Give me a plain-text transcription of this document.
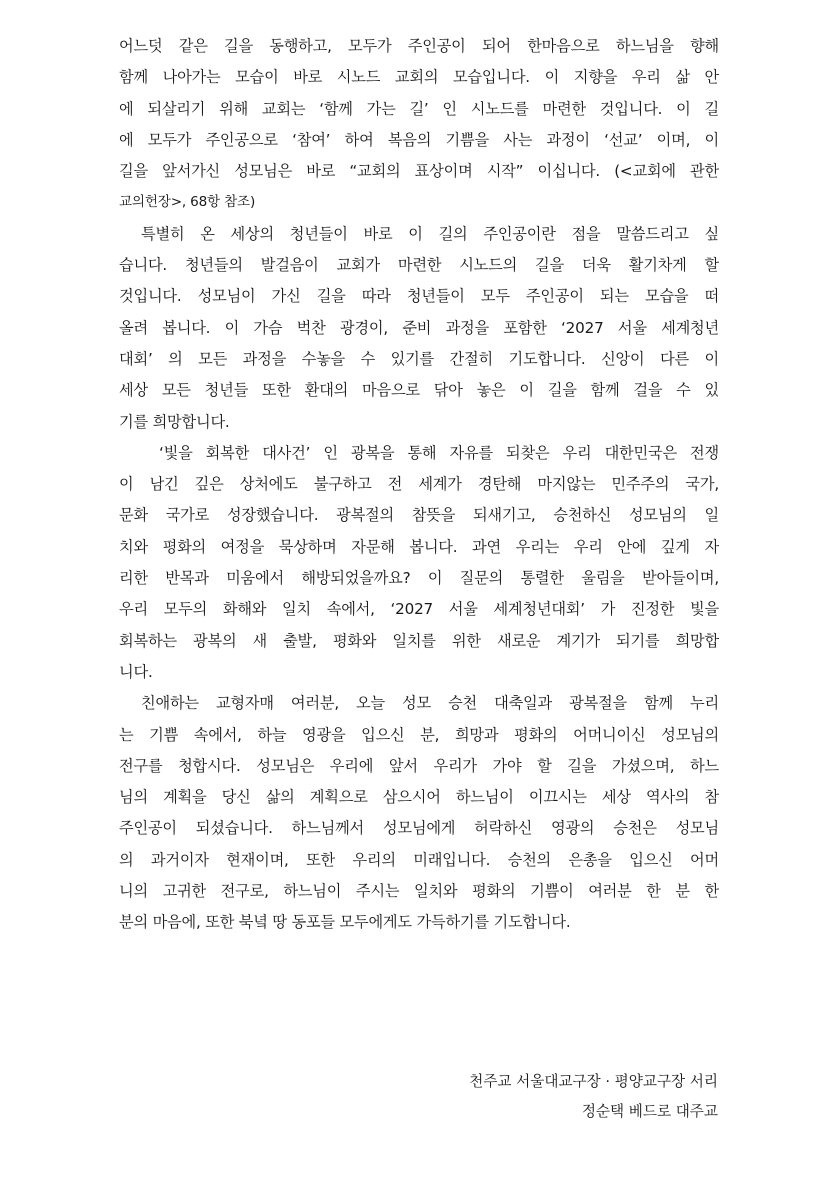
어느덧 같은 길을 동행하고, 모두가 주인공이 되어 한마음으로 하느님을 향해
함께 나아가는 모습이 바로 시노드 교회의 모습입니다. 이 지향을 우리 삶 안
에 되살리기 위해 교회는 ‘함께 가는 길’ 인 시노드를 마련한 것입니다. 이 길
에 모두가 주인공으로 ‘참여’ 하여 복음의 기쁨을 사는 과정이 ‘선교’ 이며, 이
길을 앞서가신 성모님은 바로 “교회의 표상이며 시작” 이십니다. (<교회에 관한
교의헌장>, 68항 참조)
특별히 온 세상의 청년들이 바로 이 길의 주인공이란 점을 말씀드리고 싶
습니다. 청년들의 발걸음이 교회가 마련한 시노드의 길을 더욱 활기차게 할
것입니다. 성모님이 가신 길을 따라 청년들이 모두 주인공이 되는 모습을 떠
올려 봅니다. 이 가슴 벅찬 광경이, 준비 과정을 포함한 ‘2027 서울 세계청년
대회’ 의 모든 과정을 수놓을 수 있기를 간절히 기도합니다. 신앙이 다른 이
세상 모든 청년들 또한 환대의 마음으로 닦아 놓은 이 길을 함께 걸을 수 있
기를 희망합니다.
‘빛을 회복한 대사건’ 인 광복을 통해 자유를 되찾은 우리 대한민국은 전쟁
이 남긴 깊은 상처에도 불구하고 전 세계가 경탄해 마지않는 민주주의 국가,
문화 국가로 성장했습니다. 광복절의 참뜻을 되새기고, 승천하신 성모님의 일
치와 평화의 여정을 묵상하며 자문해 봅니다. 과연 우리는 우리 안에 깊게 자
리한 반목과 미움에서 해방되었을까요? 이 질문의 통렬한 울림을 받아들이며,
우리 모두의 화해와 일치 속에서, ‘2027 서울 세계청년대회’ 가 진정한 빛을
회복하는 광복의 새 출발, 평화와 일치를 위한 새로운 계기가 되기를 희망합
니다.
친애하는 교형자매 여러분, 오늘 성모 승천 대축일과 광복절을 함께 누리
는 기쁨 속에서, 하늘 영광을 입으신 분, 희망과 평화의 어머니이신 성모님의
전구를 청합시다. 성모님은 우리에 앞서 우리가 가야 할 길을 가셨으며, 하느
님의 계획을 당신 삶의 계획으로 삼으시어 하느님이 이끄시는 세상 역사의 참
주인공이 되셨습니다. 하느님께서 성모님에게 허락하신 영광의 승천은 성모님
의 과거이자 현재이며, 또한 우리의 미래입니다. 승천의 은총을 입으신 어머
니의 고귀한 전구로, 하느님이 주시는 일치와 평화의 기쁨이 여러분 한 분 한
분의 마음에, 또한 북녘 땅 동포들 모두에게도 가득하기를 기도합니다.
천주교 서울대교구장 · 평양교구장 서리
정순택 베드로 대주교
